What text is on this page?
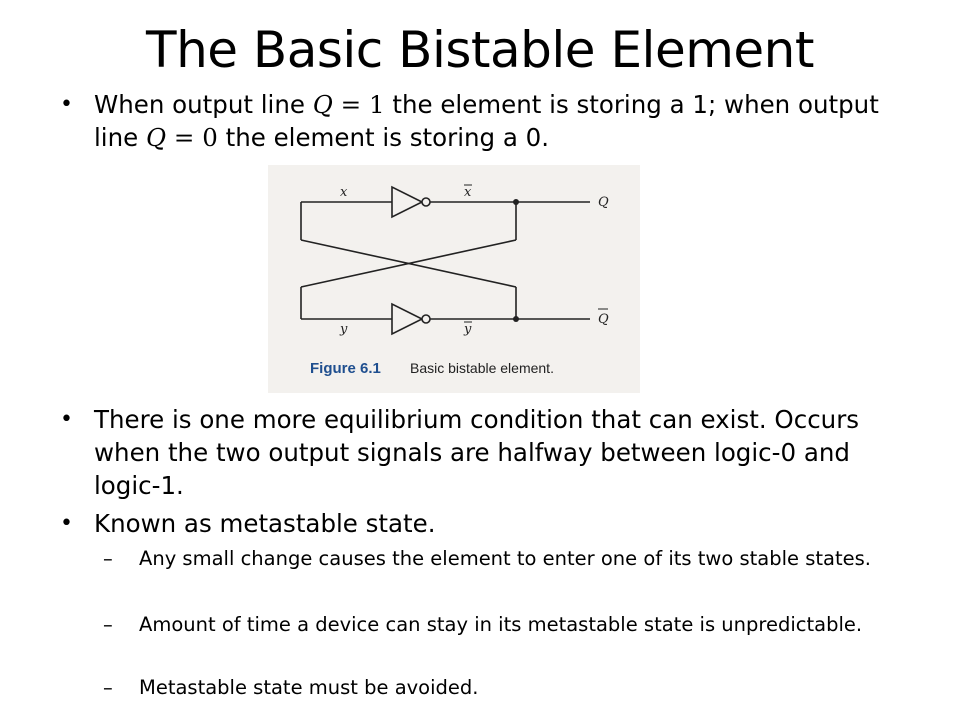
The Basic Bistable Element
• When output line Q = 1 the element is storing a 1; when output line Q = 0 the element is storing a 0.
x	x
Q
y	y
Q
Figure 6.1 Basic bistable element.
• There is one more equilibrium condition that can exist. Occurs when the two output signals are halfway between logic-0 and logic-1.
• Known as metastable state.
– Any small change causes the element to enter one of its two stable states.
– Amount of time a device can stay in its metastable state is unpredictable.
– Metastable state must be avoided.
